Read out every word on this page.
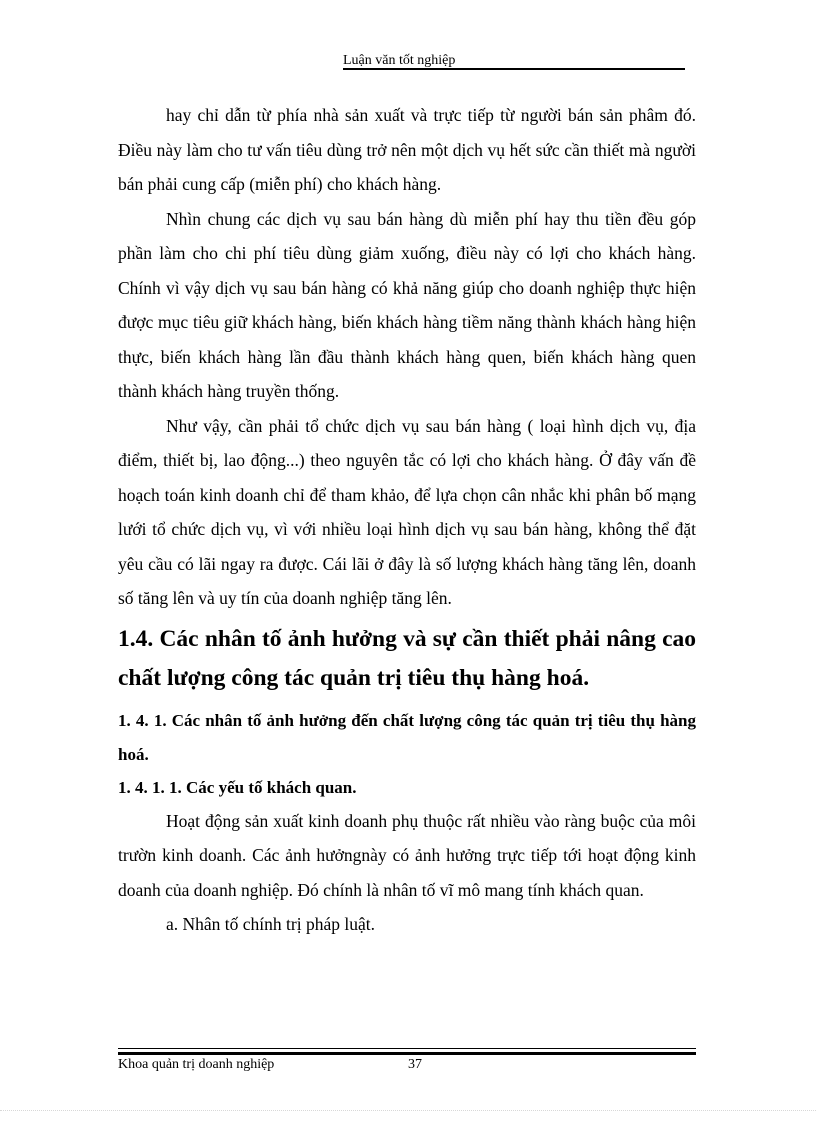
Luận văn tốt nghiệp

hay chỉ dẫn từ phía nhà sản xuất và trực tiếp từ người bán sản phâm đó. Điều này làm cho tư vấn tiêu dùng trở nên một dịch vụ hết sức cần thiết mà người bán phải cung cấp (miễn phí) cho khách hàng.

Nhìn chung các dịch vụ sau bán hàng dù miễn phí hay thu tiền đều góp phần làm cho chi phí tiêu dùng giảm xuống, điều này có lợi cho khách hàng. Chính vì vậy dịch vụ sau bán hàng có khả năng giúp cho doanh nghiệp thực hiện được mục tiêu giữ khách hàng, biến khách hàng tiềm năng thành khách hàng hiện thực, biến khách hàng lần đầu thành khách hàng quen, biến khách hàng quen thành khách hàng truyền thống.

Như vậy, cần phải tổ chức dịch vụ sau bán hàng ( loại hình dịch vụ, địa điểm, thiết bị, lao động...) theo nguyên tắc có lợi cho khách hàng. Ở đây vấn đề hoạch toán kinh doanh chỉ để tham khảo, để lựa chọn cân nhắc khi phân bố mạng lưới tổ chức dịch vụ, vì với nhiều loại hình dịch vụ sau bán hàng, không thể đặt yêu cầu có lãi ngay ra được. Cái lãi ở đây là số lượng khách hàng tăng lên, doanh số tăng lên và uy tín của doanh nghiệp tăng lên.

1.4. Các nhân tố ảnh hưởng và sự cần thiết phải nâng cao chất lượng công tác quản trị tiêu thụ hàng hoá.
1. 4. 1. Các nhân tố ảnh hưởng đến chất lượng công tác quản trị tiêu thụ hàng hoá.
1. 4. 1. 1. Các yếu tố khách quan.

Hoạt động sản xuất kinh doanh phụ thuộc rất nhiều vào ràng buộc của môi trườn kinh doanh. Các ảnh hưởngnày có ảnh hưởng trực tiếp tới hoạt động kinh doanh của doanh nghiệp. Đó chính là nhân tố vĩ mô mang tính khách quan.

a. Nhân tố chính trị pháp luật.

Khoa quản trị doanh nghiệp	37
